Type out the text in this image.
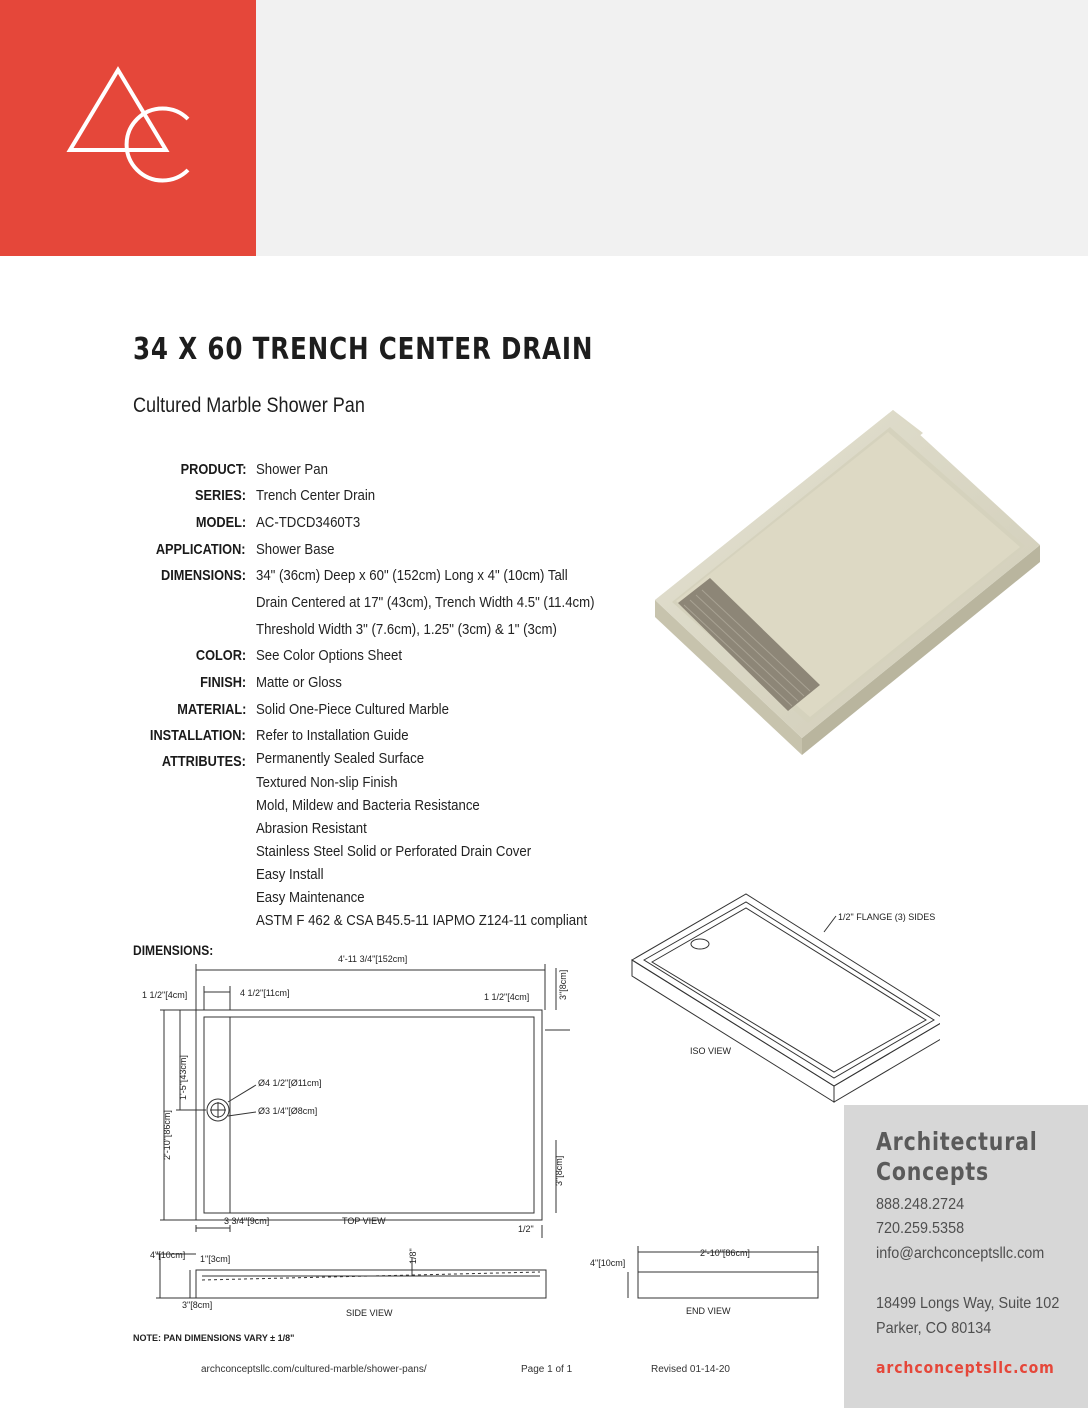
34 X 60 TRENCH CENTER DRAIN
Cultured Marble Shower Pan
PRODUCT: Shower Pan
SERIES: Trench Center Drain
MODEL: AC-TDCD3460T3
APPLICATION: Shower Base
DIMENSIONS: 34" (36cm) Deep x 60" (152cm) Long x 4" (10cm) Tall
Drain Centered at 17" (43cm), Trench Width 4.5" (11.4cm)
Threshold Width 3" (7.6cm), 1.25" (3cm) & 1" (3cm)
COLOR: See Color Options Sheet
FINISH: Matte or Gloss
MATERIAL: Solid One-Piece Cultured Marble
INSTALLATION: Refer to Installation Guide
ATTRIBUTES: Permanently Sealed Surface
Textured Non-slip Finish
Mold, Mildew and Bacteria Resistance
Abrasion Resistant
Stainless Steel Solid or Perforated Drain Cover
Easy Install
Easy Maintenance
ASTM F 462 & CSA B45.5-11 IAPMO Z124-11 compliant
DIMENSIONS:
4'-11 3/4"[152cm]
1 1/2"[4cm]	4 1/2"[11cm]	1 1/2"[4cm]	3"[8cm]
1'-5"[43cm]
2'-10"[86cm]
Ø4 1/2"[Ø11cm]
Ø3 1/4"[Ø8cm]
3"[8cm]
3 3/4"[9cm]	TOP VIEW
1/2"
4"[10cm] 1"[3cm]
3"[8cm]
1/8"
SIDE VIEW
4"[10cm]
2'-10"[86cm]
END VIEW
ISO VIEW
1/2" FLANGE (3) SIDES
NOTE: PAN DIMENSIONS VARY ± 1/8"
Architectural
Concepts
888.248.2724
720.259.5358
info@archconceptsllc.com
18499 Longs Way, Suite 102
Parker, CO 80134
archconceptsllc.com
archconceptsllc.com/cultured-marble/shower-pans/	Page 1 of 1	Revised 01-14-20
